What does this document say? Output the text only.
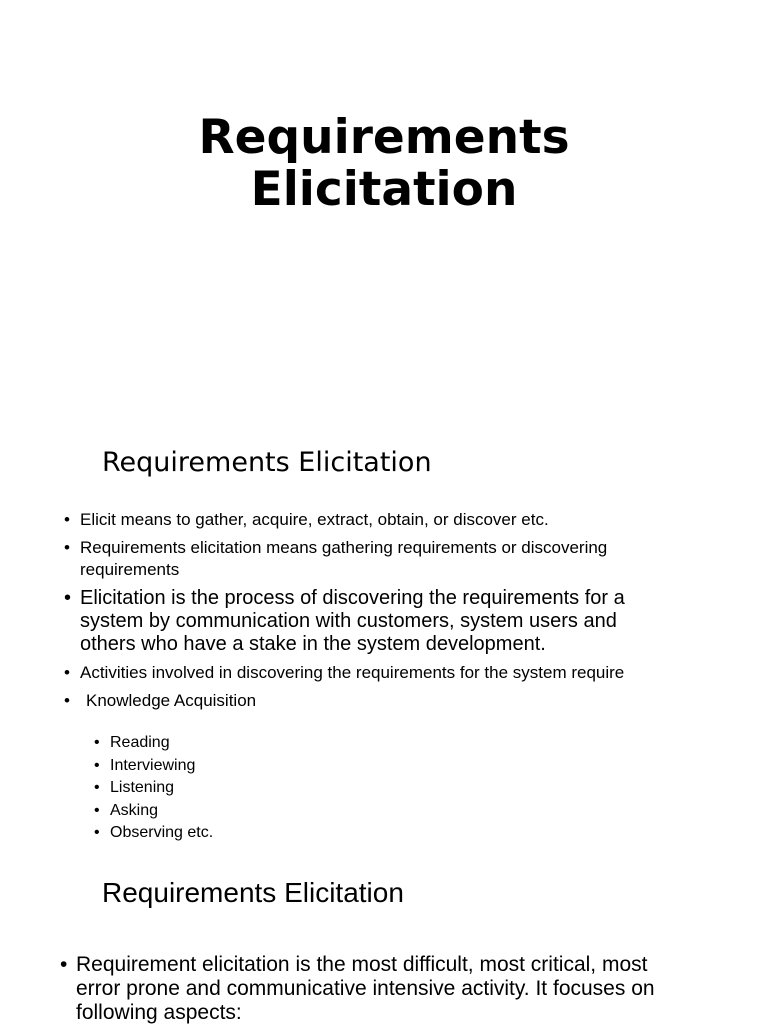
Requirements
Elicitation
Requirements Elicitation
• Elicit means to gather, acquire, extract, obtain, or discover etc.
• Requirements elicitation means gathering requirements or discovering requirements
• Elicitation is the process of discovering the requirements for a system by communication with customers, system users and others who have a stake in the system development.
• Activities involved in discovering the requirements for the system require
• Knowledge Acquisition
• Reading
• Interviewing
• Listening
• Asking
• Observing etc.
Requirements Elicitation
• Requirement elicitation is the most difficult, most critical, most error prone and communicative intensive activity. It focuses on following aspects:
